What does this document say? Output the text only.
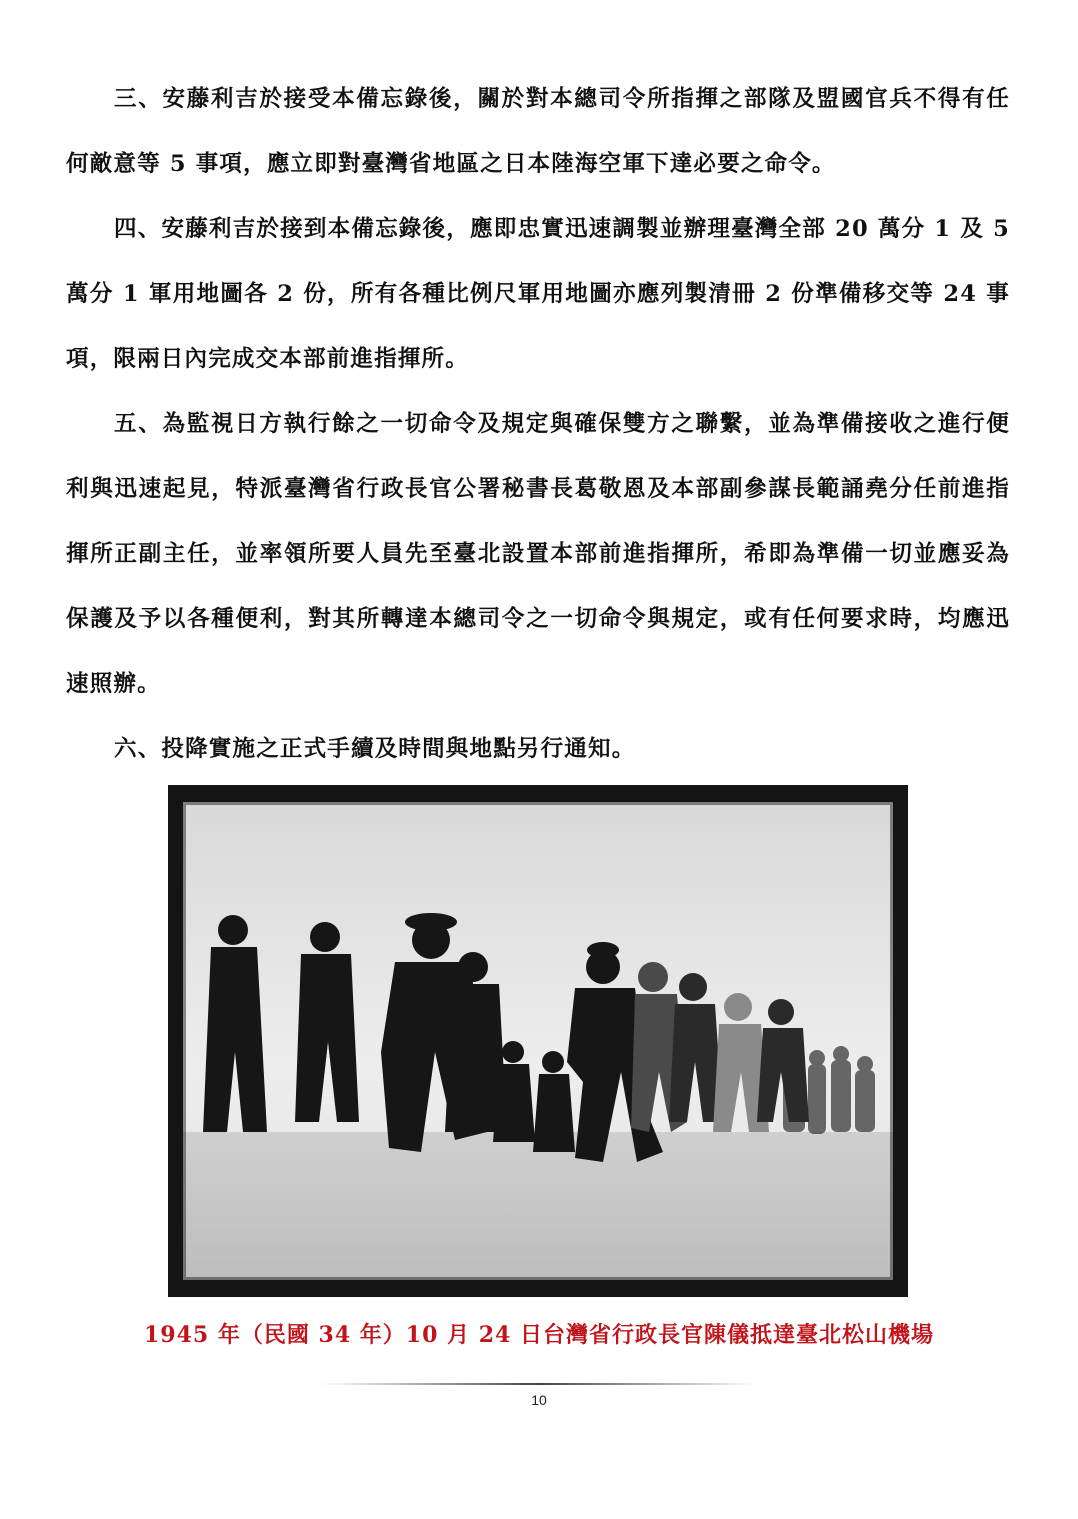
三、安藤利吉於接受本備忘錄後，關於對本總司令所指揮之部隊及盟國官兵不得有任何敵意等 5 事項，應立即對臺灣省地區之日本陸海空軍下達必要之命令。

四、安藤利吉於接到本備忘錄後，應即忠實迅速調製並辦理臺灣全部 20 萬分 1 及 5 萬分 1 軍用地圖各 2 份，所有各種比例尺軍用地圖亦應列製清冊 2 份準備移交等 24 事項，限兩日內完成交本部前進指揮所。

五、為監視日方執行餘之一切命令及規定與確保雙方之聯繫，並為準備接收之進行便利與迅速起見，特派臺灣省行政長官公署秘書長葛敬恩及本部副參謀長範誦堯分任前進指揮所正副主任，並率領所要人員先至臺北設置本部前進指揮所，希即為準備一切並應妥為保護及予以各種便利，對其所轉達本總司令之一切命令與規定，或有任何要求時，均應迅速照辦。

六、投降實施之正式手續及時間與地點另行通知。

1945 年（民國 34 年）10 月 24 日台灣省行政長官陳儀抵達臺北松山機場
10
